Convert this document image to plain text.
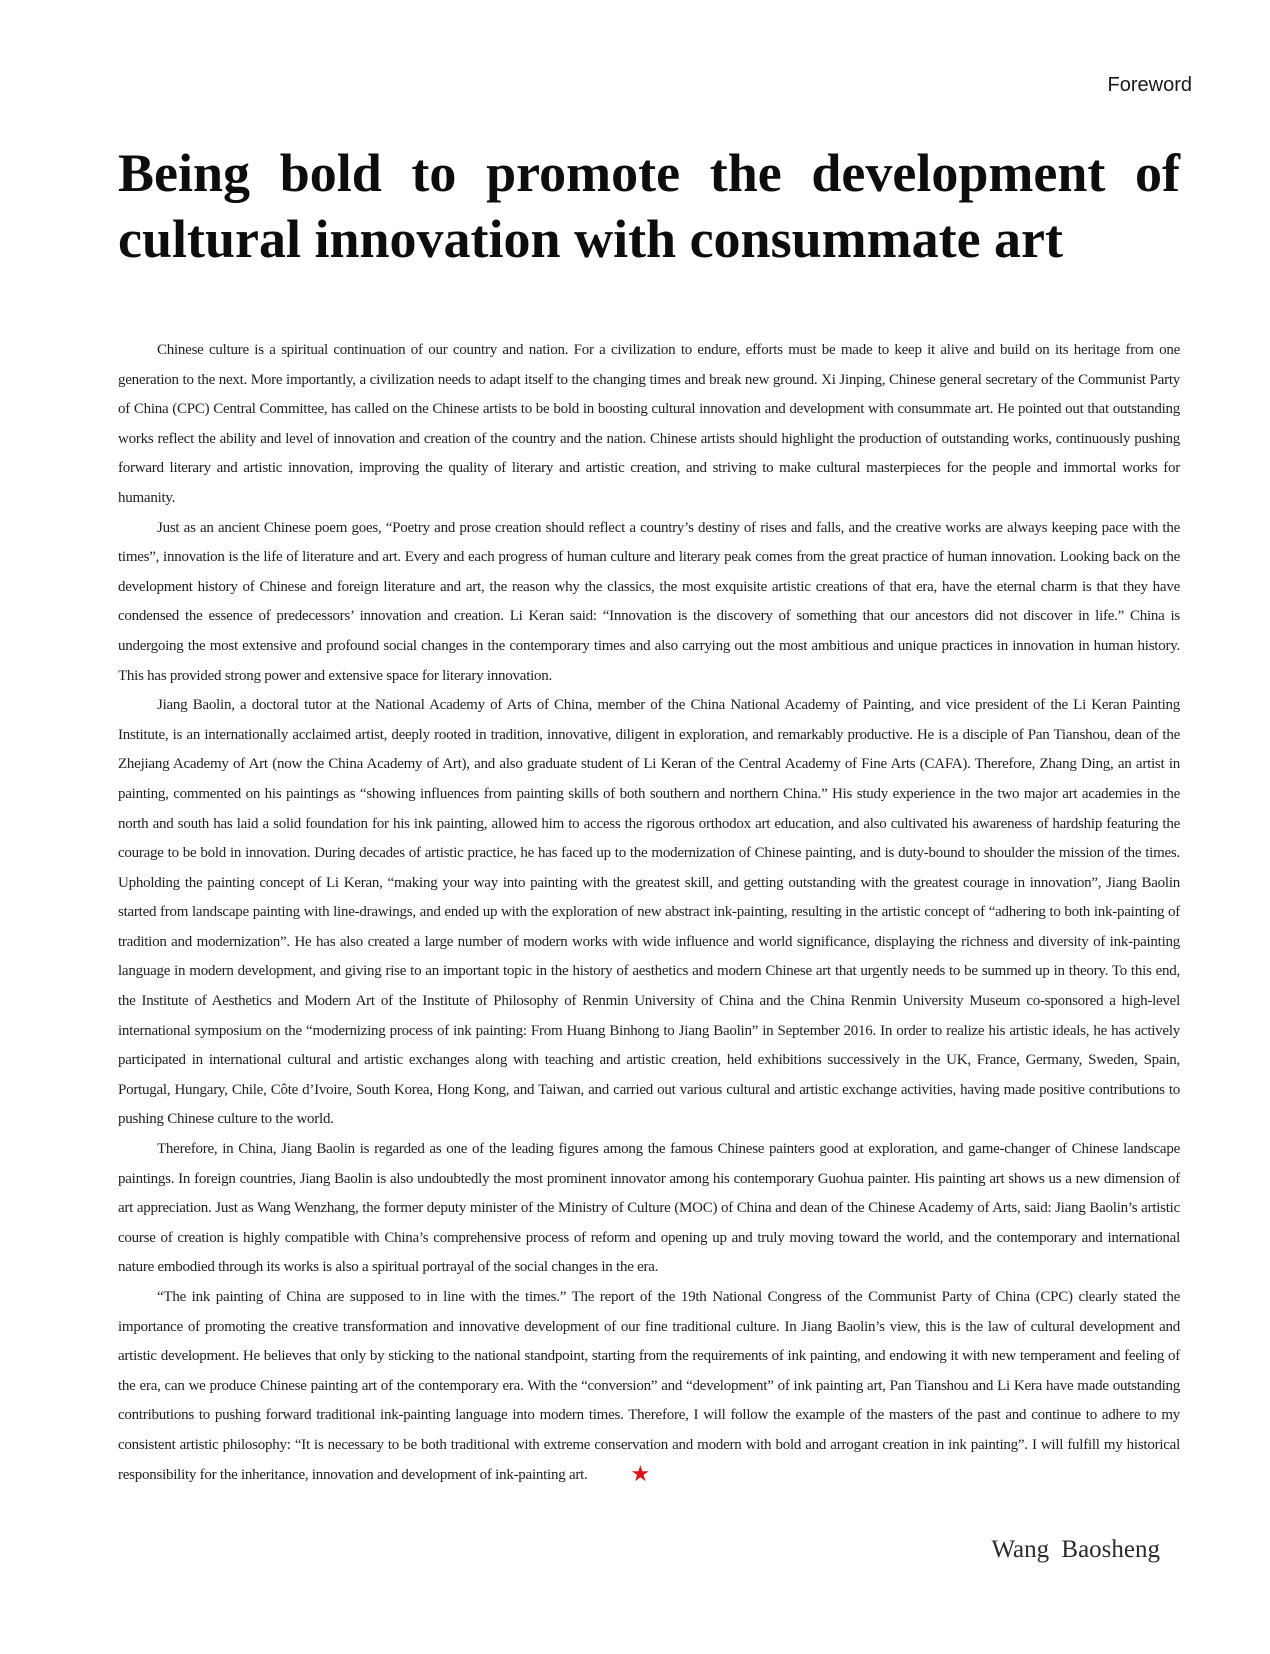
Foreword

Being bold to promote the development of
cultural innovation with consummate art

Chinese culture is a spiritual continuation of our country and nation. For a civilization to endure, efforts must be made to keep it alive and build on its heritage from one generation to the next. More importantly, a civilization needs to adapt itself to the changing times and break new ground. Xi Jinping, Chinese general secretary of the Communist Party of China (CPC) Central Committee, has called on the Chinese artists to be bold in boosting cultural innovation and development with consummate art. He pointed out that outstanding works reflect the ability and level of innovation and creation of the country and the nation. Chinese artists should highlight the production of outstanding works, continuously pushing forward literary and artistic innovation, improving the quality of literary and artistic creation, and striving to make cultural masterpieces for the people and immortal works for humanity.

Just as an ancient Chinese poem goes, “Poetry and prose creation should reflect a country’s destiny of rises and falls, and the creative works are always keeping pace with the times”, innovation is the life of literature and art. Every and each progress of human culture and literary peak comes from the great practice of human innovation. Looking back on the development history of Chinese and foreign literature and art, the reason why the classics, the most exquisite artistic creations of that era, have the eternal charm is that they have condensed the essence of predecessors’ innovation and creation. Li Keran said: “Innovation is the discovery of something that our ancestors did not discover in life.” China is undergoing the most extensive and profound social changes in the contemporary times and also carrying out the most ambitious and unique practices in innovation in human history. This has provided strong power and extensive space for literary innovation.

Jiang Baolin, a doctoral tutor at the National Academy of Arts of China, member of the China National Academy of Painting, and vice president of the Li Keran Painting Institute, is an internationally acclaimed artist, deeply rooted in tradition, innovative, diligent in exploration, and remarkably productive. He is a disciple of Pan Tianshou, dean of the Zhejiang Academy of Art (now the China Academy of Art), and also graduate student of Li Keran of the Central Academy of Fine Arts (CAFA). Therefore, Zhang Ding, an artist in painting, commented on his paintings as “showing influences from painting skills of both southern and northern China.” His study experience in the two major art academies in the north and south has laid a solid foundation for his ink painting, allowed him to access the rigorous orthodox art education, and also cultivated his awareness of hardship featuring the courage to be bold in innovation. During decades of artistic practice, he has faced up to the modernization of Chinese painting, and is duty-bound to shoulder the mission of the times. Upholding the painting concept of Li Keran, “making your way into painting with the greatest skill, and getting outstanding with the greatest courage in innovation”, Jiang Baolin started from landscape painting with line-drawings, and ended up with the exploration of new abstract ink-painting, resulting in the artistic concept of “adhering to both ink-painting of tradition and modernization”. He has also created a large number of modern works with wide influence and world significance, displaying the richness and diversity of ink-painting language in modern development, and giving rise to an important topic in the history of aesthetics and modern Chinese art that urgently needs to be summed up in theory. To this end, the Institute of Aesthetics and Modern Art of the Institute of Philosophy of Renmin University of China and the China Renmin University Museum co-sponsored a high-level international symposium on the “modernizing process of ink painting: From Huang Binhong to Jiang Baolin” in September 2016. In order to realize his artistic ideals, he has actively participated in international cultural and artistic exchanges along with teaching and artistic creation, held exhibitions successively in the UK, France, Germany, Sweden, Spain, Portugal, Hungary, Chile, Côte d’Ivoire, South Korea, Hong Kong, and Taiwan, and carried out various cultural and artistic exchange activities, having made positive contributions to pushing Chinese culture to the world.

Therefore, in China, Jiang Baolin is regarded as one of the leading figures among the famous Chinese painters good at exploration, and game-changer of Chinese landscape paintings. In foreign countries, Jiang Baolin is also undoubtedly the most prominent innovator among his contemporary Guohua painter. His painting art shows us a new dimension of art appreciation. Just as Wang Wenzhang, the former deputy minister of the Ministry of Culture (MOC) of China and dean of the Chinese Academy of Arts, said: Jiang Baolin’s artistic course of creation is highly compatible with China’s comprehensive process of reform and opening up and truly moving toward the world, and the contemporary and international nature embodied through its works is also a spiritual portrayal of the social changes in the era.

“The ink painting of China are supposed to in line with the times.” The report of the 19th National Congress of the Communist Party of China (CPC) clearly stated the importance of promoting the creative transformation and innovative development of our fine traditional culture. In Jiang Baolin’s view, this is the law of cultural development and artistic development. He believes that only by sticking to the national standpoint, starting from the requirements of ink painting, and endowing it with new temperament and feeling of the era, can we produce Chinese painting art of the contemporary era. With the “conversion” and “development” of ink painting art, Pan Tianshou and Li Kera have made outstanding contributions to pushing forward traditional ink-painting language into modern times. Therefore, I will follow the example of the masters of the past and continue to adhere to my consistent artistic philosophy: “It is necessary to be both traditional with extreme conservation and modern with bold and arrogant creation in ink painting”. I will fulfill my historical responsibility for the inheritance, innovation and development of ink-painting art. ★

Wang Baosheng
